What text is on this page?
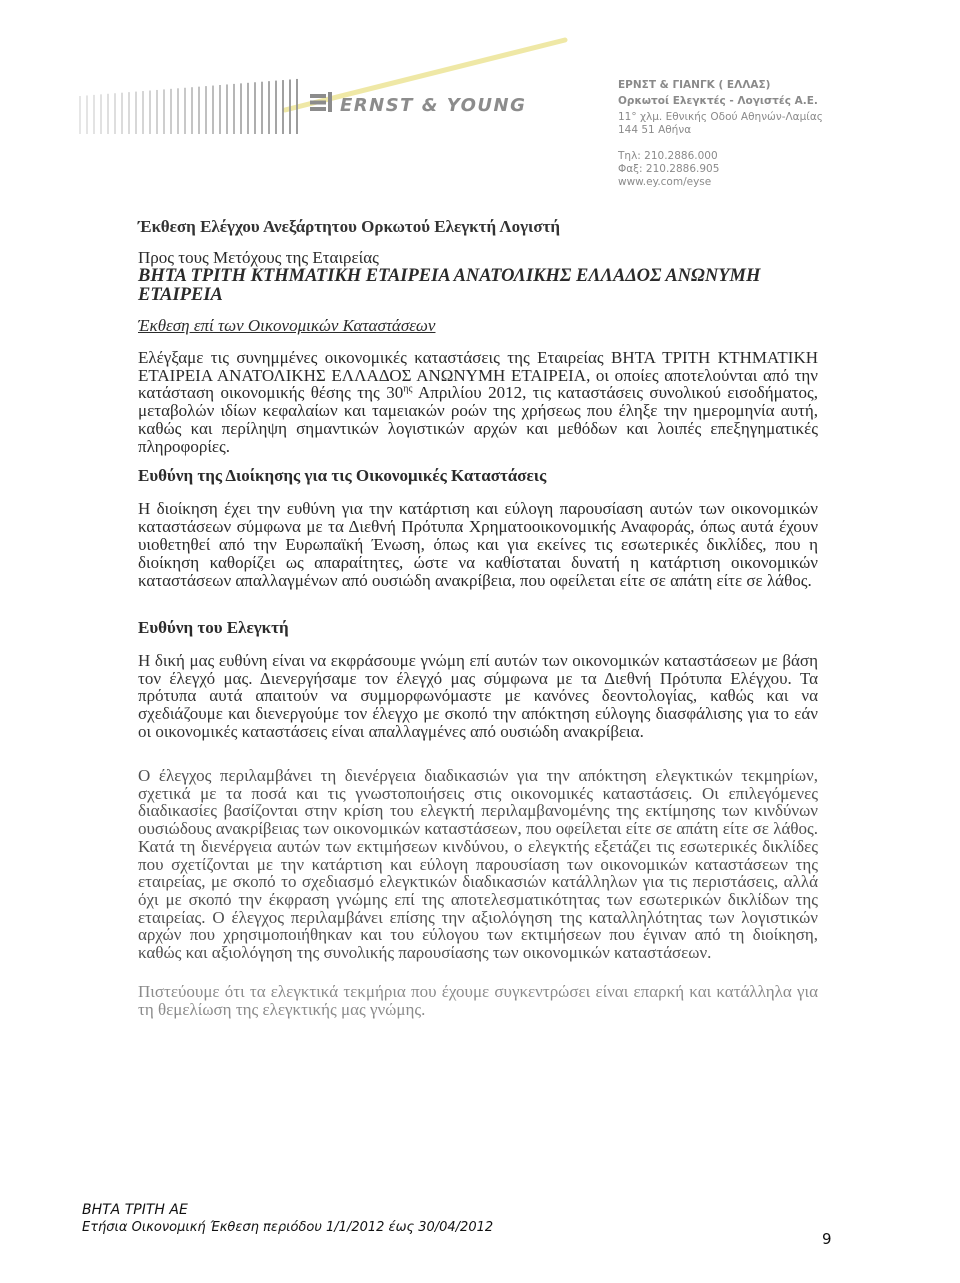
ERNST & YOUNG
ΕΡΝΣΤ & ΓΙΑΝΓΚ ( ΕΛΛΑΣ)
Ορκωτοί Ελεγκτές - Λογιστές Α.Ε.
11° χλμ. Εθνικής Οδού Αθηνών-Λαμίας
144 51 Αθήνα
Τηλ: 210.2886.000
Φαξ: 210.2886.905
www.ey.com/eyse
Έκθεση Ελέγχου Ανεξάρτητου Ορκωτού Ελεγκτή Λογιστή
Προς τους Μετόχους της Εταιρείας
ΒΗΤΑ ΤΡΙΤΗ ΚΤΗΜΑΤΙΚΗ ΕΤΑΙΡΕΙΑ ΑΝΑΤΟΛΙΚΗΣ ΕΛΛΑΔΟΣ ΑΝΩΝΥΜΗ ΕΤΑΙΡΕΙΑ
Έκθεση επί των Οικονομικών Καταστάσεων

Ελέγξαμε τις συνημμένες οικονομικές καταστάσεις της Εταιρείας ΒΗΤΑ ΤΡΙΤΗ ΚΤΗΜΑΤΙΚΗ ΕΤΑΙΡΕΙΑ ΑΝΑΤΟΛΙΚΗΣ ΕΛΛΑΔΟΣ ΑΝΩΝΥΜΗ ΕΤΑΙΡΕΙΑ, οι οποίες αποτελούνται από την κατάσταση οικονομικής θέσης της $30^{\eta\varsigma}$ Απριλίου 2012, τις καταστάσεις συνολικού εισοδήματος, μεταβολών ιδίων κεφαλαίων και ταμειακών ροών της χρήσεως που έληξε την ημερομηνία αυτή, καθώς και περίληψη σημαντικών λογιστικών αρχών και μεθόδων και λοιπές επεξηγηματικές πληροφορίες.

Ευθύνη της Διοίκησης για τις Οικονομικές Καταστάσεις

Η διοίκηση έχει την ευθύνη για την κατάρτιση και εύλογη παρουσίαση αυτών των οικονομικών καταστάσεων σύμφωνα με τα Διεθνή Πρότυπα Χρηματοοικονομικής Αναφοράς, όπως αυτά έχουν υιοθετηθεί από την Ευρωπαϊκή Ένωση, όπως και για εκείνες τις εσωτερικές δικλίδες, που η διοίκηση καθορίζει ως απαραίτητες, ώστε να καθίσταται δυνατή η κατάρτιση οικονομικών καταστάσεων απαλλαγμένων από ουσιώδη ανακρίβεια, που οφείλεται είτε σε απάτη είτε σε λάθος.

Ευθύνη του Ελεγκτή

Η δική μας ευθύνη είναι να εκφράσουμε γνώμη επί αυτών των οικονομικών καταστάσεων με βάση τον έλεγχό μας. Διενεργήσαμε τον έλεγχό μας σύμφωνα με τα Διεθνή Πρότυπα Ελέγχου. Τα πρότυπα αυτά απαιτούν να συμμορφωνόμαστε με κανόνες δεοντολογίας, καθώς και να σχεδιάζουμε και διενεργούμε τον έλεγχο με σκοπό την απόκτηση εύλογης διασφάλισης για το εάν οι οικονομικές καταστάσεις είναι απαλλαγμένες από ουσιώδη ανακρίβεια.

Ο έλεγχος περιλαμβάνει τη διενέργεια διαδικασιών για την απόκτηση ελεγκτικών τεκμηρίων, σχετικά με τα ποσά και τις γνωστοποιήσεις στις οικονομικές καταστάσεις. Οι επιλεγόμενες διαδικασίες βασίζονται στην κρίση του ελεγκτή περιλαμβανομένης της εκτίμησης των κινδύνων ουσιώδους ανακρίβειας των οικονομικών καταστάσεων, που οφείλεται είτε σε απάτη είτε σε λάθος. Κατά τη διενέργεια αυτών των εκτιμήσεων κινδύνου, ο ελεγκτής εξετάζει τις εσωτερικές δικλίδες που σχετίζονται με την κατάρτιση και εύλογη παρουσίαση των οικονομικών καταστάσεων της εταιρείας, με σκοπό το σχεδιασμό ελεγκτικών διαδικασιών κατάλληλων για τις περιστάσεις, αλλά όχι με σκοπό την έκφραση γνώμης επί της αποτελεσματικότητας των εσωτερικών δικλίδων της εταιρείας. Ο έλεγχος περιλαμβάνει επίσης την αξιολόγηση της καταλληλότητας των λογιστικών αρχών που χρησιμοποιήθηκαν και του εύλογου των εκτιμήσεων που έγιναν από τη διοίκηση, καθώς και αξιολόγηση της συνολικής παρουσίασης των οικονομικών καταστάσεων.

Πιστεύουμε ότι τα ελεγκτικά τεκμήρια που έχουμε συγκεντρώσει είναι επαρκή και κατάλληλα για τη θεμελίωση της ελεγκτικής μας γνώμης.

ΒΗΤΑ ΤΡΙΤΗ ΑΕ
Ετήσια Οικονομική Έκθεση περιόδου 1/1/2012 έως 30/04/2012
9
